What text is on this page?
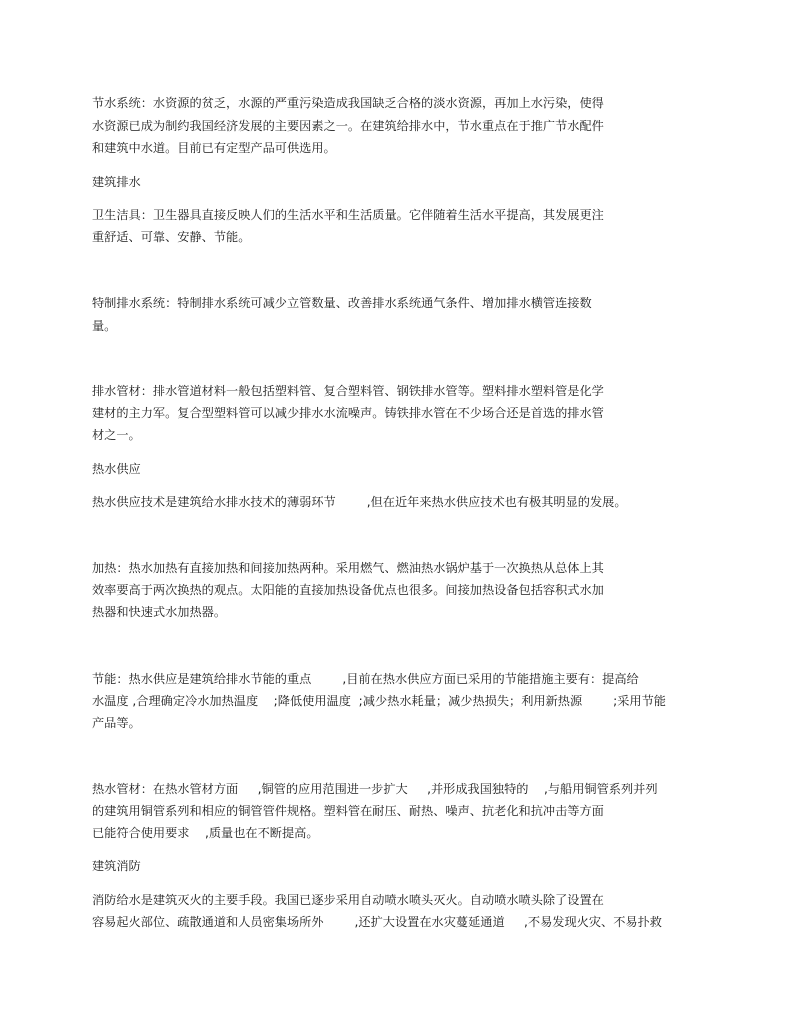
节水系统：水资源的贫乏，水源的严重污染造成我国缺乏合格的淡水资源，再加上水污染，使得
水资源已成为制约我国经济发展的主要因素之一。在建筑给排水中，节水重点在于推广节水配件
和建筑中水道。目前已有定型产品可供选用。
建筑排水
卫生洁具：卫生器具直接反映人们的生活水平和生活质量。它伴随着生活水平提高，其发展更注
重舒适、可靠、安静、节能。
特制排水系统：特制排水系统可减少立管数量、改善排水系统通气条件、增加排水横管连接数
量。
排水管材：排水管道材料一般包括塑料管、复合塑料管、钢铁排水管等。塑料排水塑料管是化学
建材的主力军。复合型塑料管可以减少排水水流噪声。铸铁排水管在不少场合还是首选的排水管
材之一。
热水供应
热水供应技术是建筑给水排水技术的薄弱环节        ,但在近年来热水供应技术也有极其明显的发展。
加热：热水加热有直接加热和间接加热两种。采用燃气、燃油热水锅炉基于一次换热从总体上其
效率要高于两次换热的观点。太阳能的直接加热设备优点也很多。间接加热设备包括容积式水加
热器和快速式水加热器。
节能：热水供应是建筑给排水节能的重点        ,目前在热水供应方面已采用的节能措施主要有：提高给
水温度 ,合理确定冷水加热温度    ;降低使用温度  ;减少热水耗量；减少热损失；利用新热源        ;采用节能
产品等。
热水管材：在热水管材方面     ,铜管的应用范围进一步扩大     ,并形成我国独特的    ,与船用铜管系列并列
的建筑用铜管系列和相应的铜管管件规格。塑料管在耐压、耐热、噪声、抗老化和抗冲击等方面
已能符合使用要求    ,质量也在不断提高。
建筑消防
消防给水是建筑灭火的主要手段。我国已逐步采用自动喷水喷头灭火。自动喷水喷头除了设置在
容易起火部位、疏散通道和人员密集场所外        ,还扩大设置在水灾蔓延通道     ,不易发现火灾、不易扑救
